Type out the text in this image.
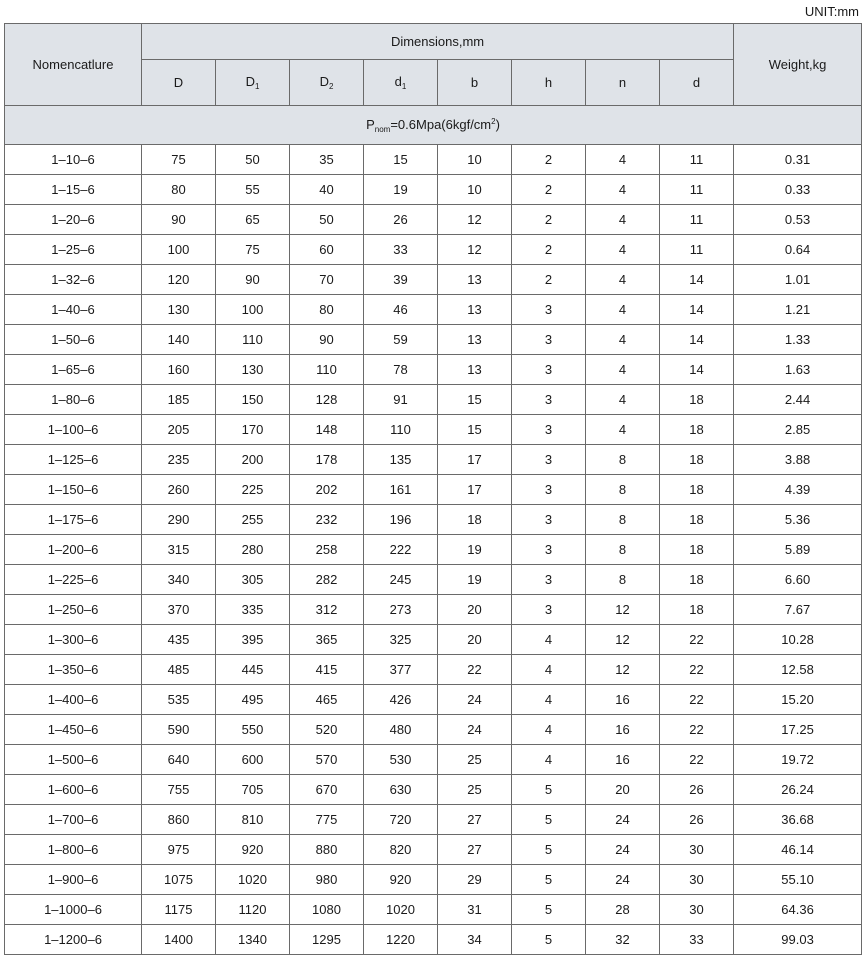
UNIT:mm
Nomencatlure	Dimensions,mm								Weight,kg
	D	$D_1$	$D_2$	$d_1$	b	h	n	d	
$P_{nom}=0.6Mpa(6kgf/cm^2)$									
1–10–6	75	50	35	15	10	2	4	11	0.31
1–15–6	80	55	40	19	10	2	4	11	0.33
1–20–6	90	65	50	26	12	2	4	11	0.53
1–25–6	100	75	60	33	12	2	4	11	0.64
1–32–6	120	90	70	39	13	2	4	14	1.01
1–40–6	130	100	80	46	13	3	4	14	1.21
1–50–6	140	110	90	59	13	3	4	14	1.33
1–65–6	160	130	110	78	13	3	4	14	1.63
1–80–6	185	150	128	91	15	3	4	18	2.44
1–100–6	205	170	148	110	15	3	4	18	2.85
1–125–6	235	200	178	135	17	3	8	18	3.88
1–150–6	260	225	202	161	17	3	8	18	4.39
1–175–6	290	255	232	196	18	3	8	18	5.36
1–200–6	315	280	258	222	19	3	8	18	5.89
1–225–6	340	305	282	245	19	3	8	18	6.60
1–250–6	370	335	312	273	20	3	12	18	7.67
1–300–6	435	395	365	325	20	4	12	22	10.28
1–350–6	485	445	415	377	22	4	12	22	12.58
1–400–6	535	495	465	426	24	4	16	22	15.20
1–450–6	590	550	520	480	24	4	16	22	17.25
1–500–6	640	600	570	530	25	4	16	22	19.72
1–600–6	755	705	670	630	25	5	20	26	26.24
1–700–6	860	810	775	720	27	5	24	26	36.68
1–800–6	975	920	880	820	27	5	24	30	46.14
1–900–6	1075	1020	980	920	29	5	24	30	55.10
1–1000–6	1175	1120	1080	1020	31	5	28	30	64.36
1–1200–6	1400	1340	1295	1220	34	5	32	33	99.03
